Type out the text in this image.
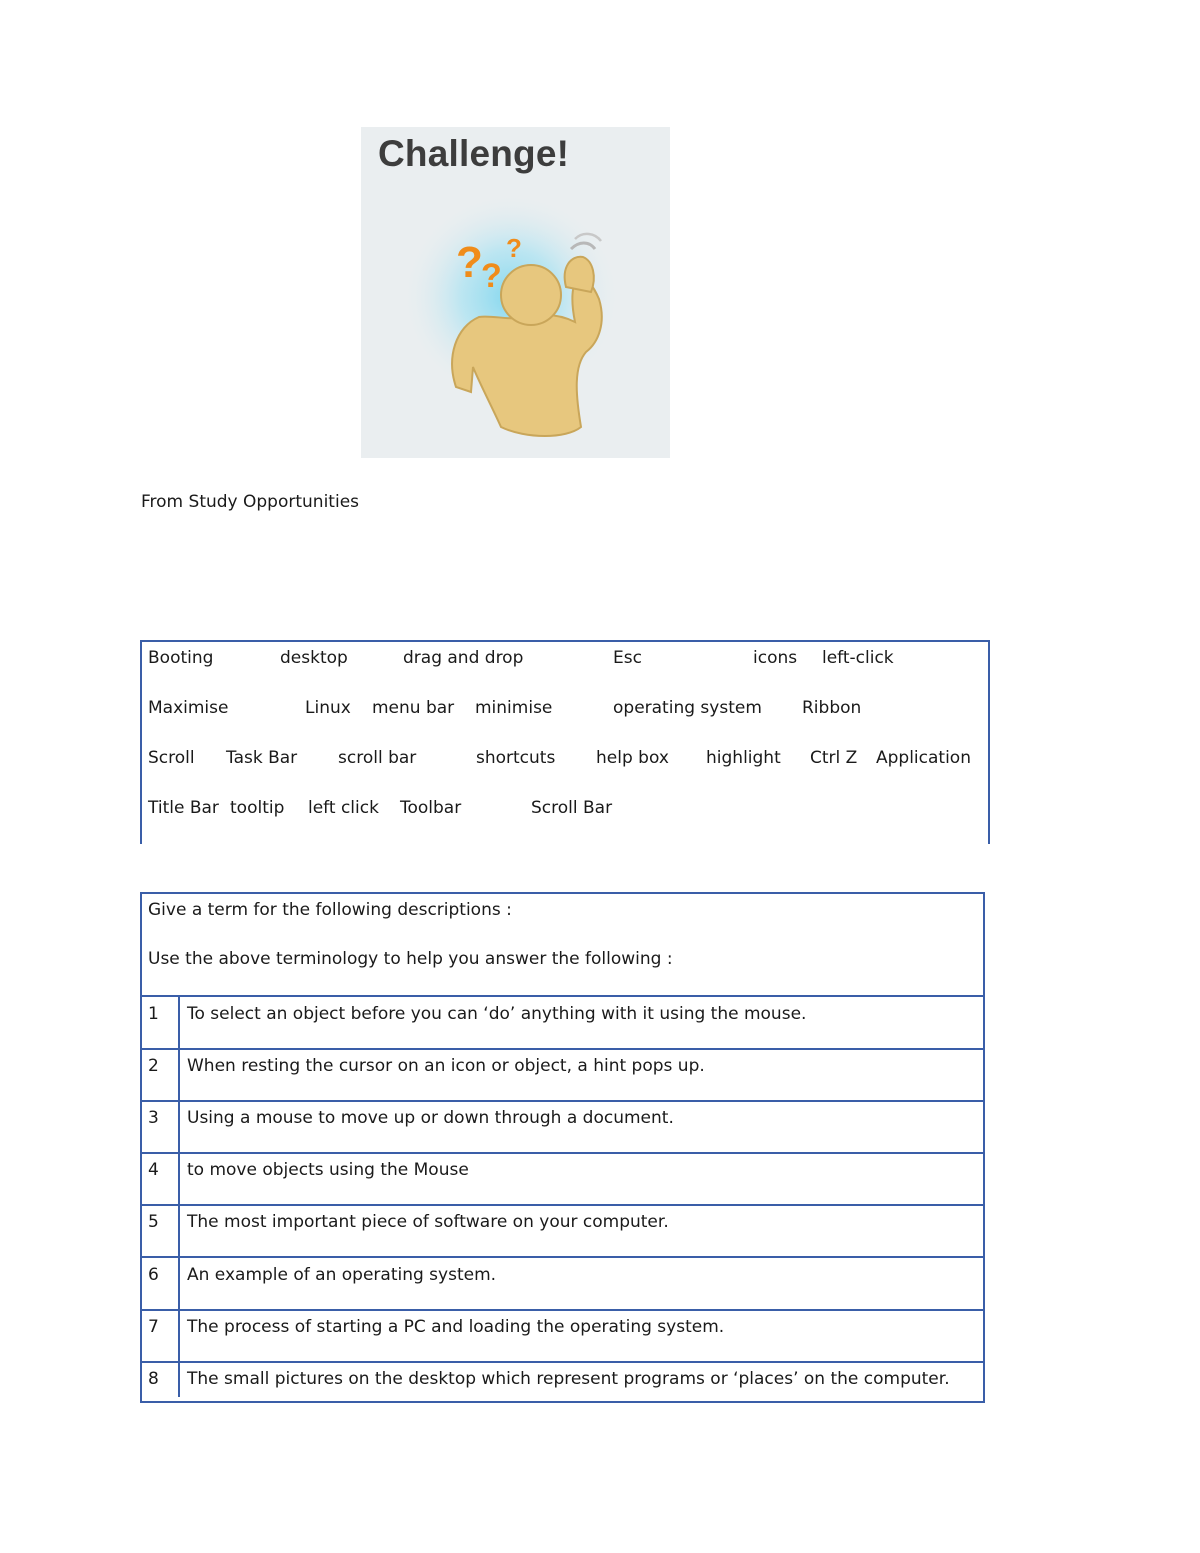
?
?
?
Challenge!
From Study Opportunities
Booting	desktop	drag and drop	Esc	icons left-click
Maximise	Linux menu bar minimise	operating system Ribbon
Scroll Task Bar scroll bar	shortcuts help box highlight Ctrl Z Application
Title Bar tooltip left click Toolbar	Scroll Bar
Give a term for the following descriptions :
Use the above terminology to help you answer the following :
1 To select an object before you can ‘do’ anything with it using the mouse.
2 When resting the cursor on an icon or object, a hint pops up.
3 Using a mouse to move up or down through a document.
4 to move objects using the Mouse
5 The most important piece of software on your computer.
6 An example of an operating system.
7 The process of starting a PC and loading the operating system.
8 The small pictures on the desktop which represent programs or ‘places’ on the computer.
